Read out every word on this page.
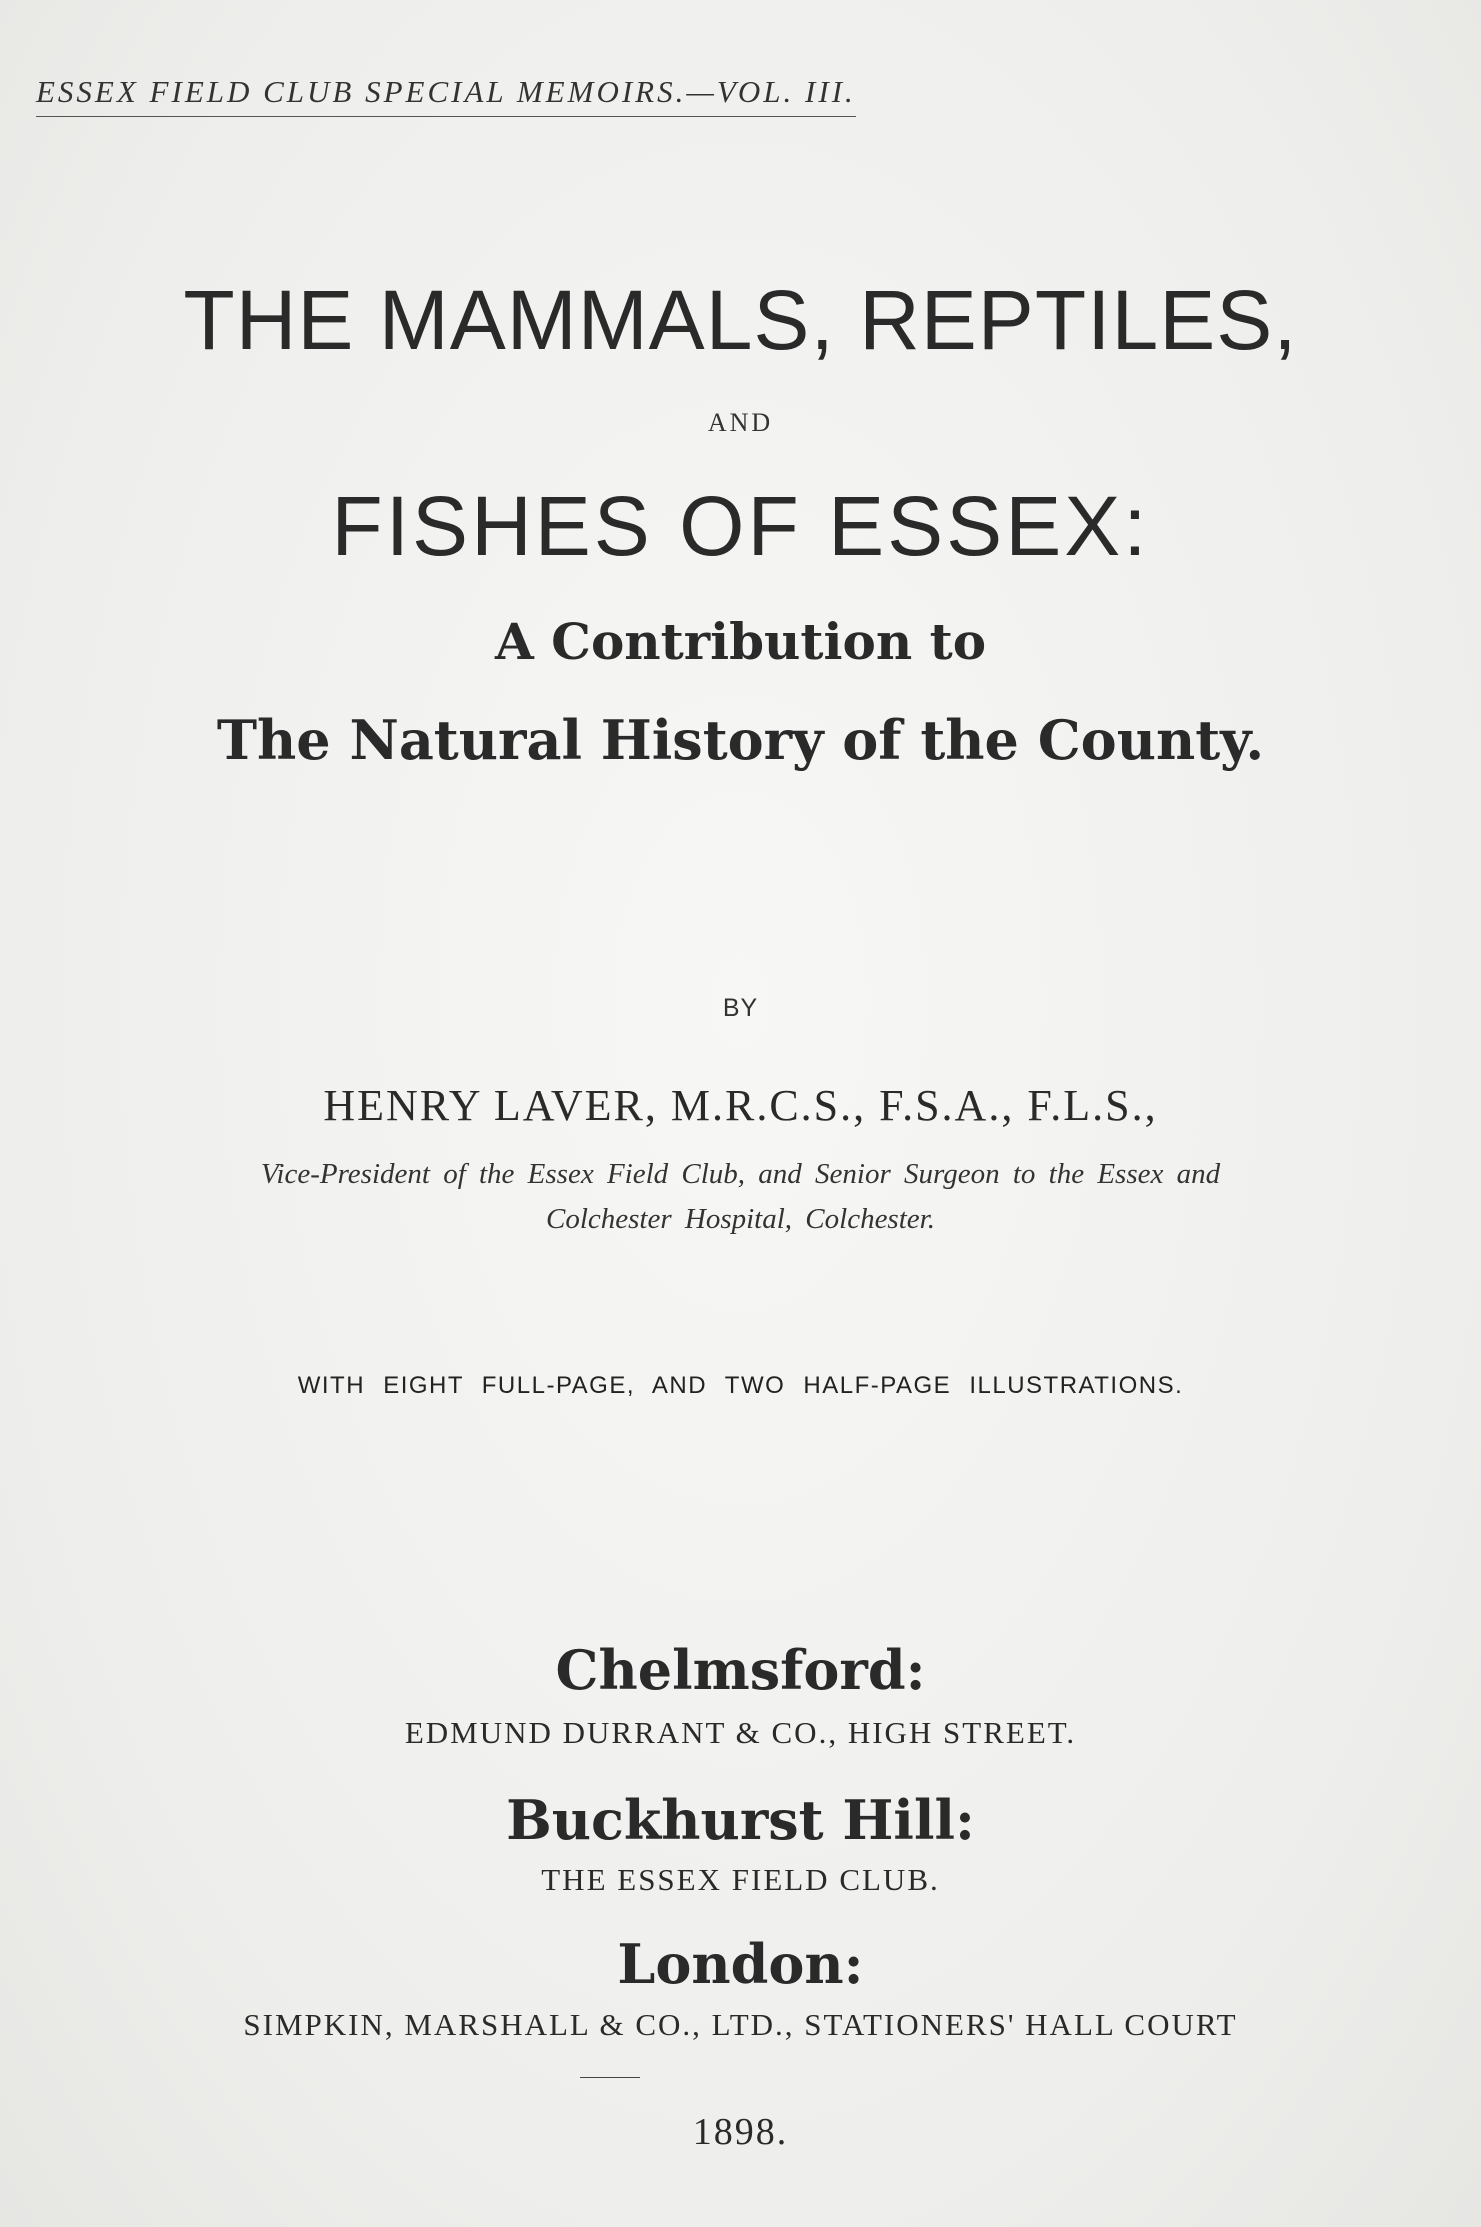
ESSEX FIELD CLUB SPECIAL MEMOIRS.—VOL. III.
THE MAMMALS, REPTILES,
AND
FISHES OF ESSEX:
A Contribution to
The Natural History of the County.
BY
HENRY LAVER, M.R.C.S., F.S.A., F.L.S.,
Vice-President of the Essex Field Club, and Senior Surgeon to the Essex and
Colchester Hospital, Colchester.
WITH EIGHT FULL-PAGE, AND TWO HALF-PAGE ILLUSTRATIONS.
Chelmsford:
EDMUND DURRANT & CO., HIGH STREET.
Buckhurst Hill:
THE ESSEX FIELD CLUB.
London:
SIMPKIN, MARSHALL & CO., LTD., STATIONERS' HALL COURT
1898.
